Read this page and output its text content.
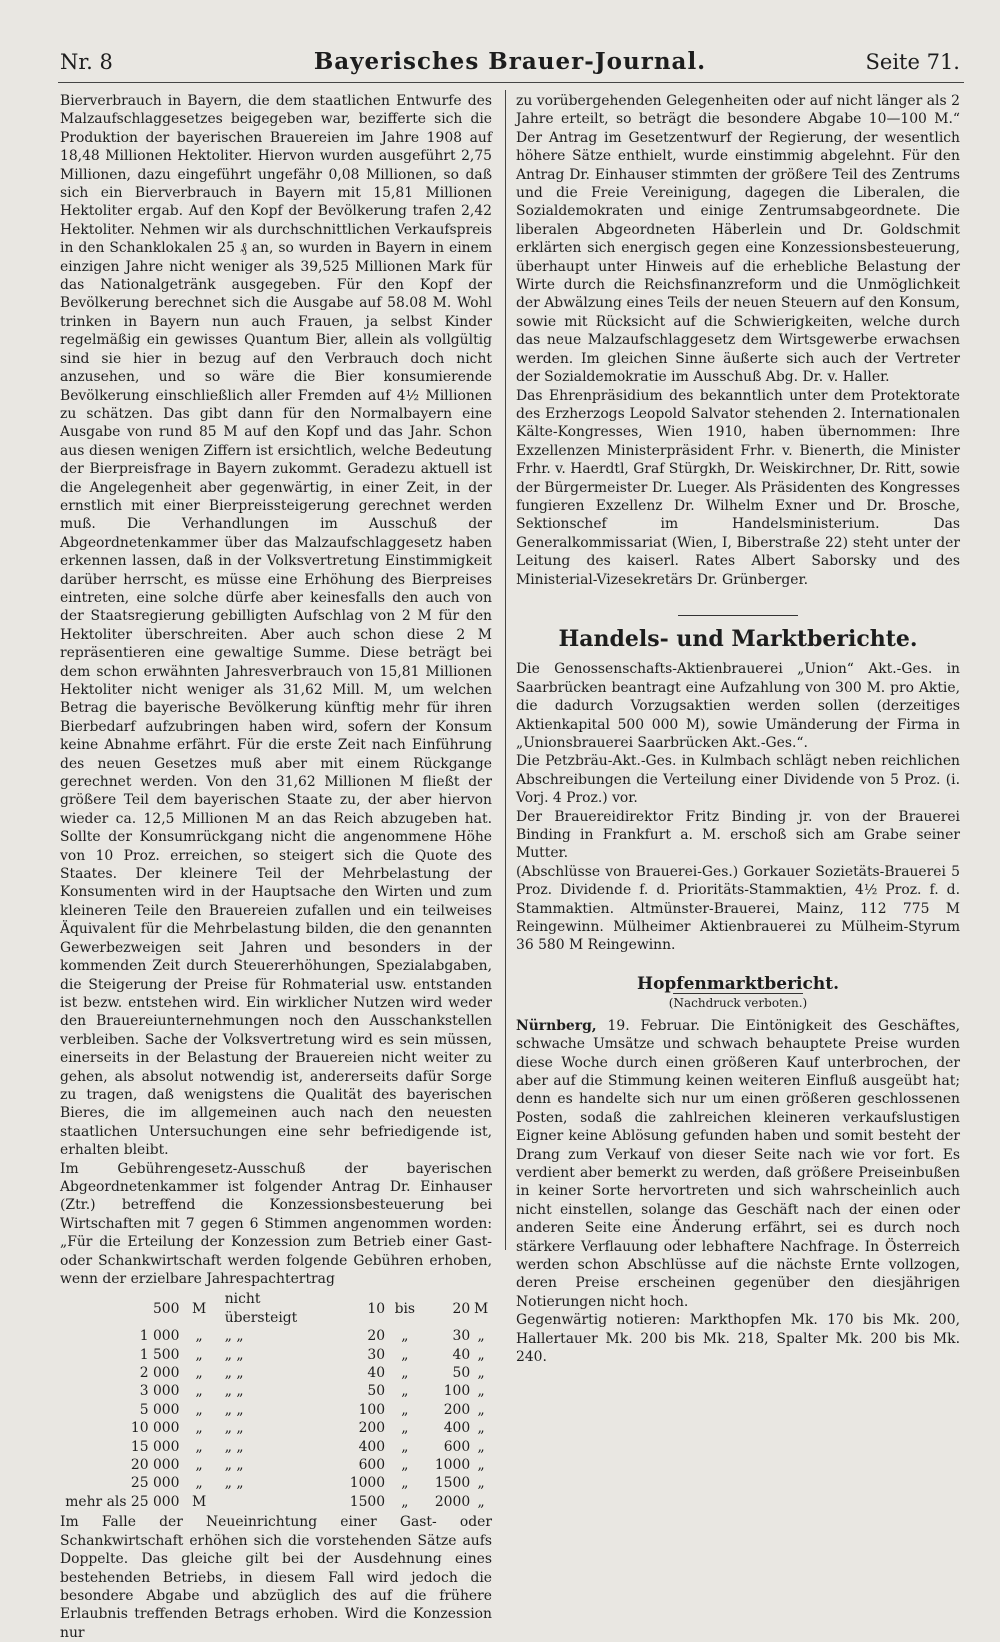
Nr. 8	Bayerisches Brauer-Journal.	Seite 71.

Bierverbrauch in Bayern, die dem staatlichen Entwurfe des Malzaufschlaggesetzes beigegeben war, bezifferte sich die Produktion der bayerischen Brauereien im Jahre 1908 auf 18,48 Millionen Hektoliter. Hiervon wurden ausgeführt 2,75 Millionen, dazu eingeführt ungefähr 0,08 Millionen, so daß sich ein Bierverbrauch in Bayern mit 15,81 Millionen Hektoliter ergab. Auf den Kopf der Bevölkerung trafen 2,42 Hektoliter. Nehmen wir als durchschnittlichen Verkaufspreis in den Schanklokalen 25 ₰ an, so wurden in Bayern in einem einzigen Jahre nicht weniger als 39,525 Millionen Mark für das Nationalgetränk ausgegeben. Für den Kopf der Bevölkerung berechnet sich die Ausgabe auf 58.08 M. Wohl trinken in Bayern nun auch Frauen, ja selbst Kinder regelmäßig ein gewisses Quantum Bier, allein als vollgültig sind sie hier in bezug auf den Verbrauch doch nicht anzusehen, und so wäre die Bier konsumierende Bevölkerung einschließlich aller Fremden auf 4½ Millionen zu schätzen. Das gibt dann für den Normalbayern eine Ausgabe von rund 85 M auf den Kopf und das Jahr. Schon aus diesen wenigen Ziffern ist ersichtlich, welche Bedeutung der Bierpreisfrage in Bayern zukommt. Geradezu aktuell ist die Angelegenheit aber gegenwärtig, in einer Zeit, in der ernstlich mit einer Bierpreissteigerung gerechnet werden muß. Die Verhandlungen im Ausschuß der Abgeordnetenkammer über das Malzaufschlaggesetz haben erkennen lassen, daß in der Volksvertretung Einstimmigkeit darüber herrscht, es müsse eine Erhöhung des Bierpreises eintreten, eine solche dürfe aber keinesfalls den auch von der Staatsregierung gebilligten Aufschlag von 2 M für den Hektoliter überschreiten. Aber auch schon diese 2 M repräsentieren eine gewaltige Summe. Diese beträgt bei dem schon erwähnten Jahresverbrauch von 15,81 Millionen Hektoliter nicht weniger als 31,62 Mill. M, um welchen Betrag die bayerische Bevölkerung künftig mehr für ihren Bierbedarf aufzubringen haben wird, sofern der Konsum keine Abnahme erfährt. Für die erste Zeit nach Einführung des neuen Gesetzes muß aber mit einem Rückgange gerechnet werden. Von den 31,62 Millionen M fließt der größere Teil dem bayerischen Staate zu, der aber hiervon wieder ca. 12,5 Millionen M an das Reich abzugeben hat. Sollte der Konsumrückgang nicht die angenommene Höhe von 10 Proz. erreichen, so steigert sich die Quote des Staates. Der kleinere Teil der Mehrbelastung der Konsumenten wird in der Hauptsache den Wirten und zum kleineren Teile den Brauereien zufallen und ein teilweises Äquivalent für die Mehrbelastung bilden, die den genannten Gewerbezweigen seit Jahren und besonders in der kommenden Zeit durch Steuererhöhungen, Spezialabgaben, die Steigerung der Preise für Rohmaterial usw. entstanden ist bezw. entstehen wird. Ein wirklicher Nutzen wird weder den Brauereiunternehmungen noch den Ausschankstellen verbleiben. Sache der Volksvertretung wird es sein müssen, einerseits in der Belastung der Brauereien nicht weiter zu gehen, als absolut notwendig ist, andererseits dafür Sorge zu tragen, daß wenigstens die Qualität des bayerischen Bieres, die im allgemeinen auch nach den neuesten staatlichen Untersuchungen eine sehr befriedigende ist, erhalten bleibt.

Im Gebührengesetz-Ausschuß der bayerischen Abgeordnetenkammer ist folgender Antrag Dr. Einhauser (Ztr.) betreffend die Konzessionsbesteuerung bei Wirtschaften mit 7 gegen 6 Stimmen angenommen worden: „Für die Erteilung der Konzession zum Betrieb einer Gast- oder Schankwirtschaft werden folgende Gebühren erhoben, wenn der erzielbare Jahrespachtertrag

500	M	nicht übersteigt	10	bis	20	M
1 000	„	„ „	20	„	30	„
1 500	„	„ „	30	„	40	„
2 000	„	„ „	40	„	50	„
3 000	„	„ „	50	„	100	„
5 000	„	„ „	100	„	200	„
10 000	„	„ „	200	„	400	„
15 000	„	„ „	400	„	600	„
20 000	„	„ „	600	„	1000	„
25 000	„	„ „	1000	„	1500	„
mehr als 25 000	M		1500	„	2000	„

Im Falle der Neueinrichtung einer Gast- oder Schankwirtschaft erhöhen sich die vorstehenden Sätze aufs Doppelte. Das gleiche gilt bei der Ausdehnung eines bestehenden Betriebs, in diesem Fall wird jedoch die besondere Abgabe und abzüglich des auf die frühere Erlaubnis treffenden Betrags erhoben. Wird die Konzession nur

zu vorübergehenden Gelegenheiten oder auf nicht länger als 2 Jahre erteilt, so beträgt die besondere Abgabe 10—100 M.“ Der Antrag im Gesetzentwurf der Regierung, der wesentlich höhere Sätze enthielt, wurde einstimmig abgelehnt. Für den Antrag Dr. Einhauser stimmten der größere Teil des Zentrums und die Freie Vereinigung, dagegen die Liberalen, die Sozialdemokraten und einige Zentrumsabgeordnete. Die liberalen Abgeordneten Häberlein und Dr. Goldschmit erklärten sich energisch gegen eine Konzessionsbesteuerung, überhaupt unter Hinweis auf die erhebliche Belastung der Wirte durch die Reichsfinanzreform und die Unmöglichkeit der Abwälzung eines Teils der neuen Steuern auf den Konsum, sowie mit Rücksicht auf die Schwierigkeiten, welche durch das neue Malzaufschlaggesetz dem Wirtsgewerbe erwachsen werden. Im gleichen Sinne äußerte sich auch der Vertreter der Sozialdemokratie im Ausschuß Abg. Dr. v. Haller.

Das Ehrenpräsidium des bekanntlich unter dem Protektorate des Erzherzogs Leopold Salvator stehenden 2. Internationalen Kälte-Kongresses, Wien 1910, haben übernommen: Ihre Exzellenzen Ministerpräsident Frhr. v. Bienerth, die Minister Frhr. v. Haerdtl, Graf Stürgkh, Dr. Weiskirchner, Dr. Ritt, sowie der Bürgermeister Dr. Lueger. Als Präsidenten des Kongresses fungieren Exzellenz Dr. Wilhelm Exner und Dr. Brosche, Sektionschef im Handelsministerium. Das Generalkommissariat (Wien, I, Biberstraße 22) steht unter der Leitung des kaiserl. Rates Albert Saborsky und des Ministerial-Vizesekretärs Dr. Grünberger.

Handels- und Marktberichte.

Die Genossenschafts-Aktienbrauerei „Union“ Akt.-Ges. in Saarbrücken beantragt eine Aufzahlung von 300 M. pro Aktie, die dadurch Vorzugsaktien werden sollen (derzeitiges Aktienkapital 500 000 M), sowie Umänderung der Firma in „Unionsbrauerei Saarbrücken Akt.-Ges.“.

Die Petzbräu-Akt.-Ges. in Kulmbach schlägt neben reichlichen Abschreibungen die Verteilung einer Dividende von 5 Proz. (i. Vorj. 4 Proz.) vor.

Der Brauereidirektor Fritz Binding jr. von der Brauerei Binding in Frankfurt a. M. erschoß sich am Grabe seiner Mutter.

(Abschlüsse von Brauerei-Ges.) Gorkauer Sozietäts-Brauerei 5 Proz. Dividende f. d. Prioritäts-Stammaktien, 4½ Proz. f. d. Stammaktien. Altmünster-Brauerei, Mainz, 112 775 M Reingewinn. Mülheimer Aktienbrauerei zu Mülheim-Styrum 36 580 M Reingewinn.

Hopfenmarktbericht.
(Nachdruck verboten.)

Nürnberg, 19. Februar. Die Eintönigkeit des Geschäftes, schwache Umsätze und schwach behauptete Preise wurden diese Woche durch einen größeren Kauf unterbrochen, der aber auf die Stimmung keinen weiteren Einfluß ausgeübt hat; denn es handelte sich nur um einen größeren geschlossenen Posten, sodaß die zahlreichen kleineren verkaufslustigen Eigner keine Ablösung gefunden haben und somit besteht der Drang zum Verkauf von dieser Seite nach wie vor fort. Es verdient aber bemerkt zu werden, daß größere Preiseinbußen in keiner Sorte hervortreten und sich wahrscheinlich auch nicht einstellen, solange das Geschäft nach der einen oder anderen Seite eine Änderung erfährt, sei es durch noch stärkere Verflauung oder lebhaftere Nachfrage. In Österreich werden schon Abschlüsse auf die nächste Ernte vollzogen, deren Preise erscheinen gegenüber den diesjährigen Notierungen nicht hoch.

Gegenwärtig notieren: Markthopfen Mk. 170 bis Mk. 200, Hallertauer Mk. 200 bis Mk. 218, Spalter Mk. 200 bis Mk. 240.
